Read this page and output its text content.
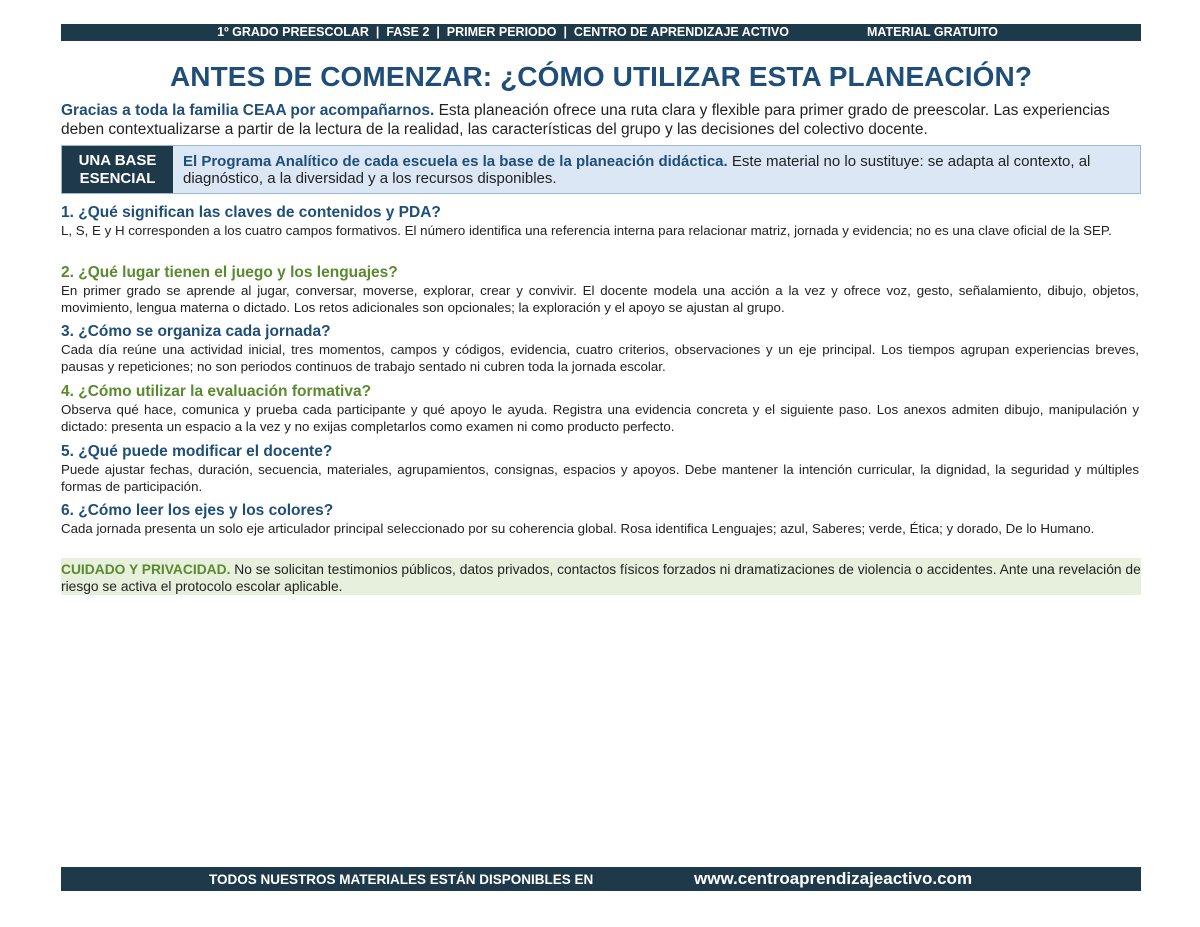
1º GRADO PREESCOLAR  |  FASE 2  |  PRIMER PERIODO  |  CENTRO DE APRENDIZAJE ACTIVO	MATERIAL GRATUITO
ANTES DE COMENZAR: ¿CÓMO UTILIZAR ESTA PLANEACIÓN?

Gracias a toda la familia CEAA por acompañarnos. Esta planeación ofrece una ruta clara y flexible para primer grado de preescolar. Las experiencias deben contextualizarse a partir de la lectura de la realidad, las características del grupo y las decisiones del colectivo docente.

UNA BASE
ESENCIAL
El Programa Analítico de cada escuela es la base de la planeación didáctica. Este material no lo sustituye: se adapta al contexto, al diagnóstico, a la diversidad y a los recursos disponibles.
1. ¿Qué significan las claves de contenidos y PDA?

L, S, E y H corresponden a los cuatro campos formativos. El número identifica una referencia interna para relacionar matriz, jornada y evidencia; no es una clave oficial de la SEP.

2. ¿Qué lugar tienen el juego y los lenguajes?

En primer grado se aprende al jugar, conversar, moverse, explorar, crear y convivir. El docente modela una acción a la vez y ofrece voz, gesto, señalamiento, dibujo, objetos, movimiento, lengua materna o dictado. Los retos adicionales son opcionales; la exploración y el apoyo se ajustan al grupo.

3. ¿Cómo se organiza cada jornada?

Cada día reúne una actividad inicial, tres momentos, campos y códigos, evidencia, cuatro criterios, observaciones y un eje principal. Los tiempos agrupan experiencias breves, pausas y repeticiones; no son periodos continuos de trabajo sentado ni cubren toda la jornada escolar.

4. ¿Cómo utilizar la evaluación formativa?

Observa qué hace, comunica y prueba cada participante y qué apoyo le ayuda. Registra una evidencia concreta y el siguiente paso. Los anexos admiten dibujo, manipulación y dictado: presenta un espacio a la vez y no exijas completarlos como examen ni como producto perfecto.

5. ¿Qué puede modificar el docente?

Puede ajustar fechas, duración, secuencia, materiales, agrupamientos, consignas, espacios y apoyos. Debe mantener la intención curricular, la dignidad, la seguridad y múltiples formas de participación.

6. ¿Cómo leer los ejes y los colores?

Cada jornada presenta un solo eje articulador principal seleccionado por su coherencia global. Rosa identifica Lenguajes; azul, Saberes; verde, Ética; y dorado, De lo Humano.

CUIDADO Y PRIVACIDAD. No se solicitan testimonios públicos, datos privados, contactos físicos forzados ni dramatizaciones de violencia o accidentes. Ante una revelación de riesgo se activa el protocolo escolar aplicable.

TODOS NUESTROS MATERIALES ESTÁN DISPONIBLES EN	www.centroaprendizajeactivo.com
